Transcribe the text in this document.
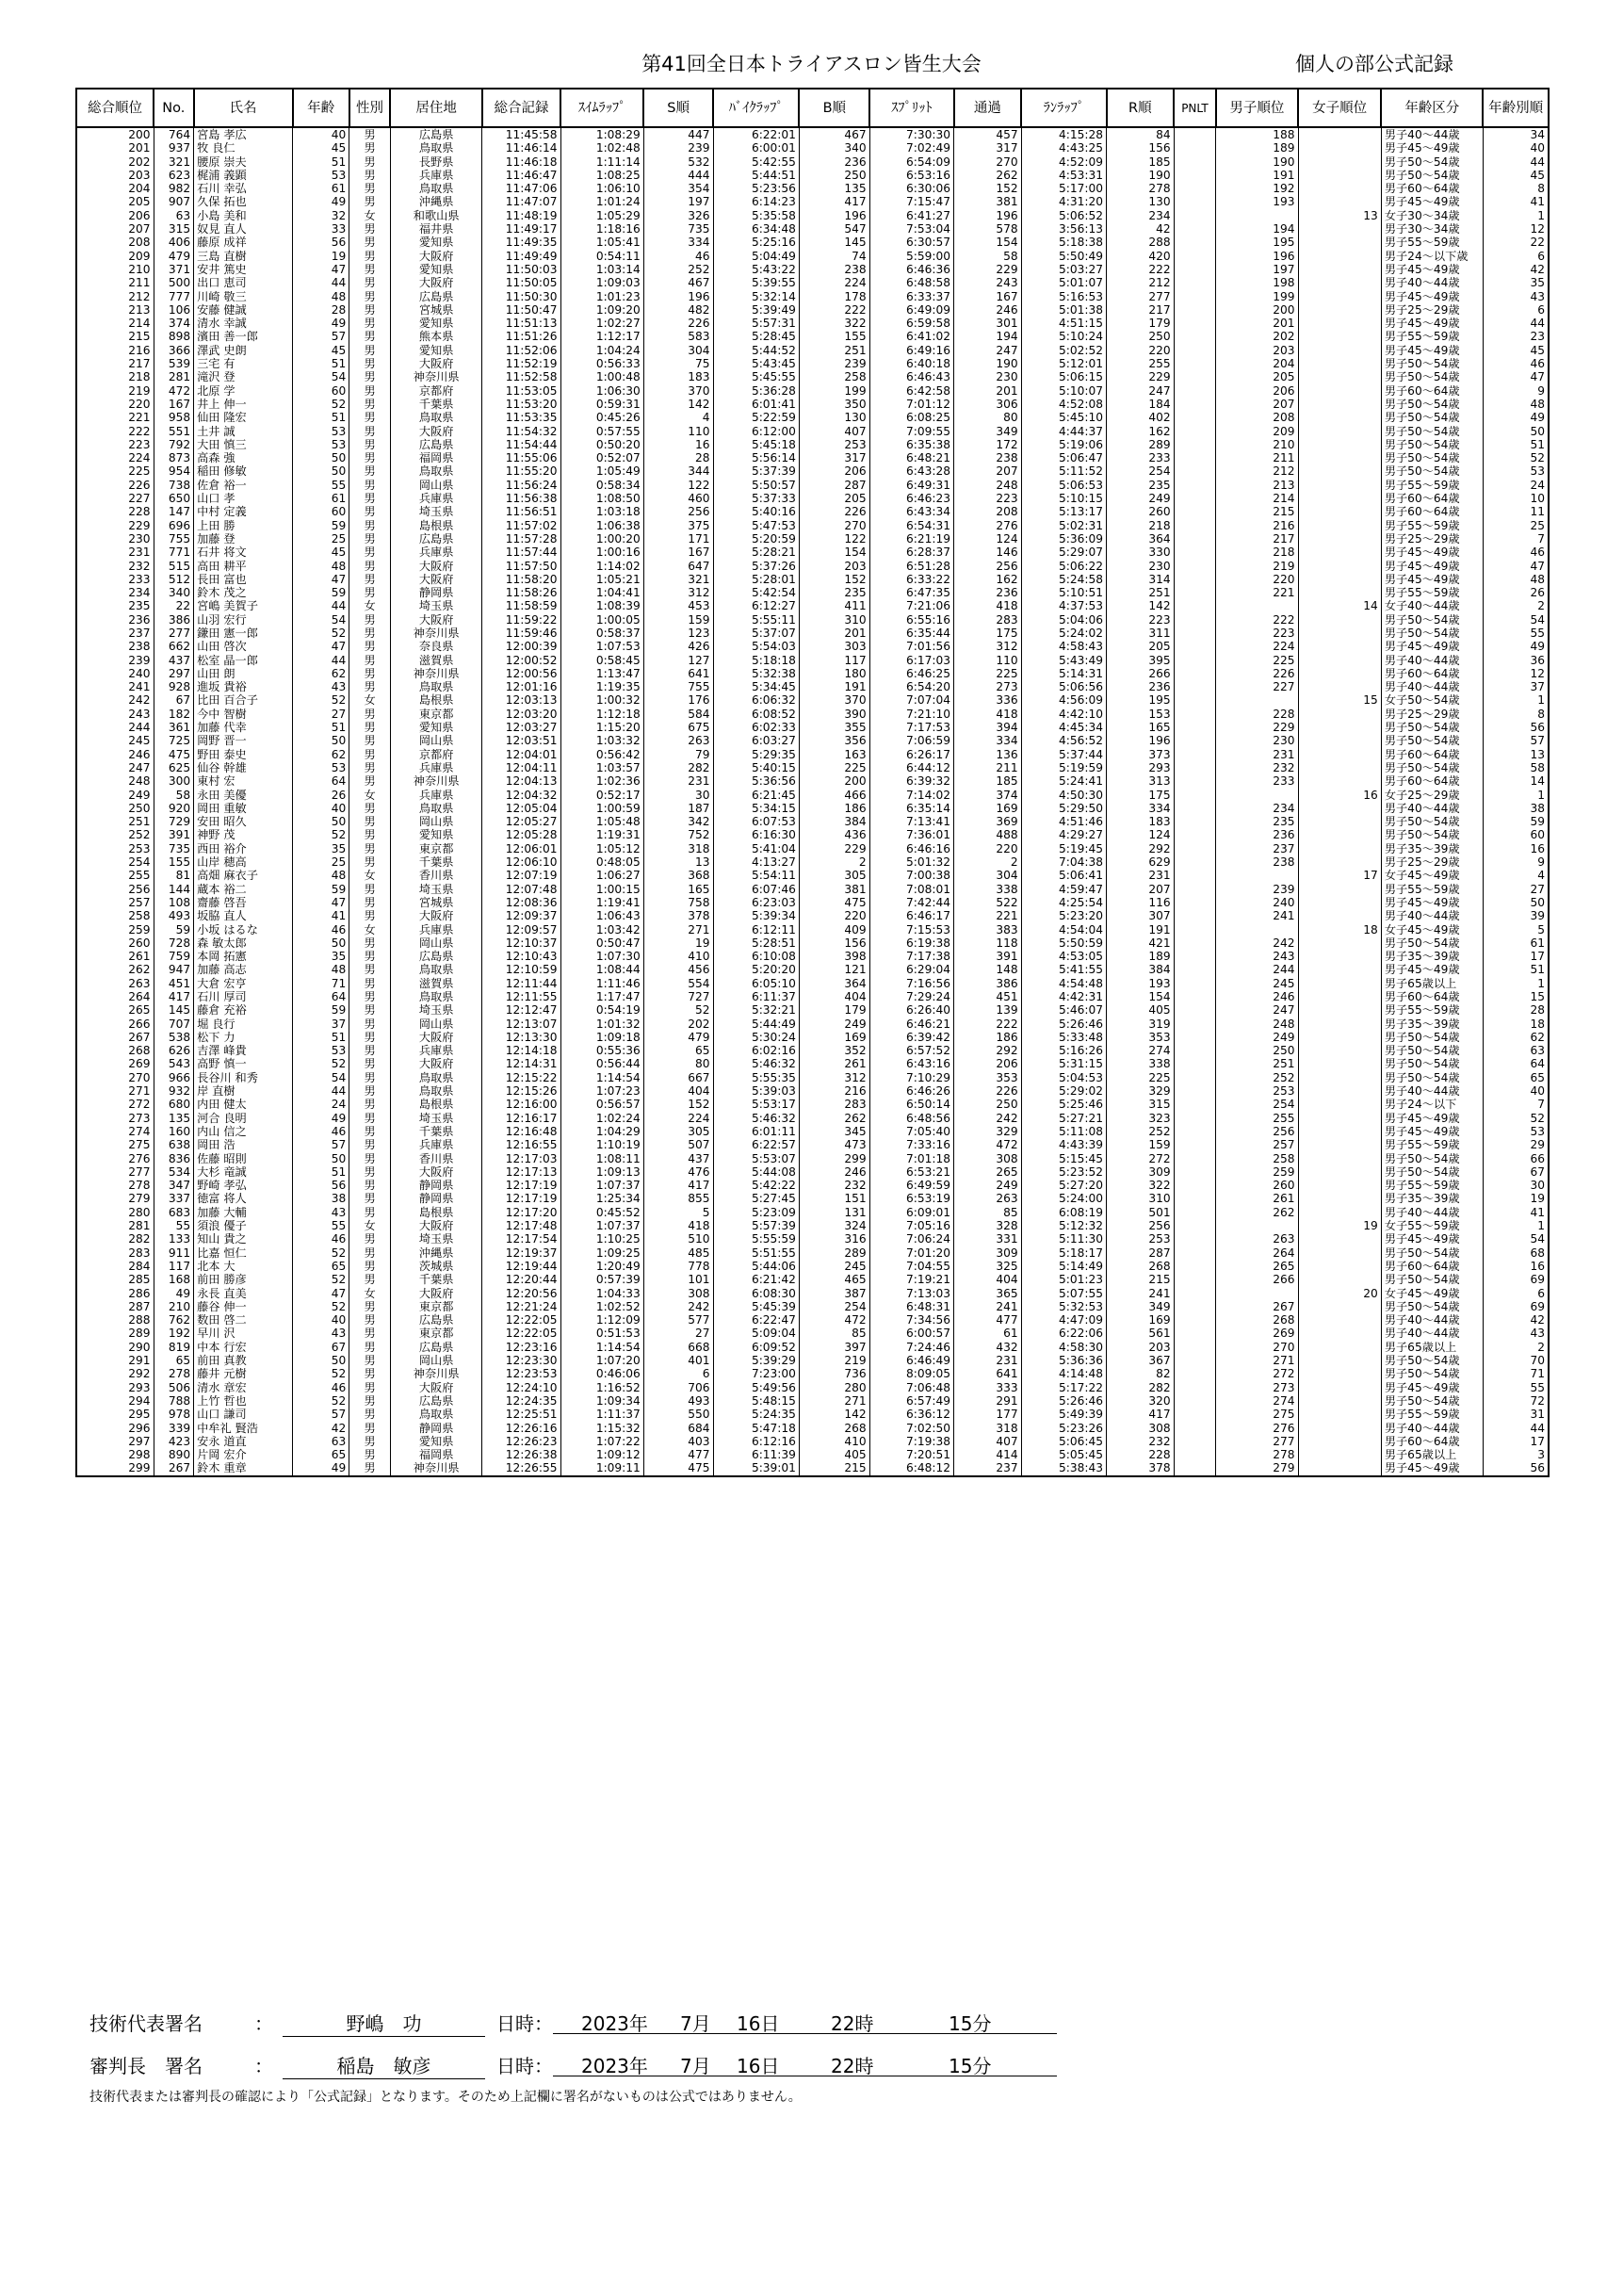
第41回全日本トライアスロン皆生大会	個人の部公式記録
総合順位	No.	氏名	年齢	性別	居住地	総合記録	ｽｲﾑﾗｯﾌﾟ	S順	ﾊﾞｲｸﾗｯﾌﾟ	B順	ｽﾌﾟﾘｯﾄ	通過	ﾗﾝﾗｯﾌﾟ	R順	PNLT	男子順位	女子順位	年齢区分	年齢別順
200	764	宮島 孝広	40	男	広島県	11:45:58	1:08:29	447	6:22:01	467	7:30:30	457	4:15:28	84		188		男子40～44歳	34
201	937	牧 良仁	45	男	鳥取県	11:46:14	1:02:48	239	6:00:01	340	7:02:49	317	4:43:25	156		189		男子45～49歳	40
202	321	腰原 崇夫	51	男	長野県	11:46:18	1:11:14	532	5:42:55	236	6:54:09	270	4:52:09	185		190		男子50～54歳	44
203	623	梶浦 義顕	53	男	兵庫県	11:46:47	1:08:25	444	5:44:51	250	6:53:16	262	4:53:31	190		191		男子50～54歳	45
204	982	石川 幸弘	61	男	鳥取県	11:47:06	1:06:10	354	5:23:56	135	6:30:06	152	5:17:00	278		192		男子60～64歳	8
205	907	久保 拓也	49	男	沖縄県	11:47:07	1:01:24	197	6:14:23	417	7:15:47	381	4:31:20	130		193		男子45～49歳	41
206	63	小島 美和	32	女	和歌山県	11:48:19	1:05:29	326	5:35:58	196	6:41:27	196	5:06:52	234			13	女子30～34歳	1
207	315	奴見 直人	33	男	福井県	11:49:17	1:18:16	735	6:34:48	547	7:53:04	578	3:56:13	42		194		男子30～34歳	12
208	406	藤原 成祥	56	男	愛知県	11:49:35	1:05:41	334	5:25:16	145	6:30:57	154	5:18:38	288		195		男子55～59歳	22
209	479	三島 直樹	19	男	大阪府	11:49:49	0:54:11	46	5:04:49	74	5:59:00	58	5:50:49	420		196		男子24～以下歳	6
210	371	安井 篤史	47	男	愛知県	11:50:03	1:03:14	252	5:43:22	238	6:46:36	229	5:03:27	222		197		男子45～49歳	42
211	500	出口 恵司	44	男	大阪府	11:50:05	1:09:03	467	5:39:55	224	6:48:58	243	5:01:07	212		198		男子40～44歳	35
212	777	川崎 敬三	48	男	広島県	11:50:30	1:01:23	196	5:32:14	178	6:33:37	167	5:16:53	277		199		男子45～49歳	43
213	106	安藤 健誠	28	男	宮城県	11:50:47	1:09:20	482	5:39:49	222	6:49:09	246	5:01:38	217		200		男子25～29歳	6
214	374	清水 幸誠	49	男	愛知県	11:51:13	1:02:27	226	5:57:31	322	6:59:58	301	4:51:15	179		201		男子45～49歳	44
215	898	濱田 善一郎	57	男	熊本県	11:51:26	1:12:17	583	5:28:45	155	6:41:02	194	5:10:24	250		202		男子55～59歳	23
216	366	澤武 史朗	45	男	愛知県	11:52:06	1:04:24	304	5:44:52	251	6:49:16	247	5:02:52	220		203		男子45～49歳	45
217	539	三宅 有	51	男	大阪府	11:52:19	0:56:33	75	5:43:45	239	6:40:18	190	5:12:01	255		204		男子50～54歳	46
218	281	滝沢 登	54	男	神奈川県	11:52:58	1:00:48	183	5:45:55	258	6:46:43	230	5:06:15	229		205		男子50～54歳	47
219	472	北原 学	60	男	京都府	11:53:05	1:06:30	370	5:36:28	199	6:42:58	201	5:10:07	247		206		男子60～64歳	9
220	167	井上 伸一	52	男	千葉県	11:53:20	0:59:31	142	6:01:41	350	7:01:12	306	4:52:08	184		207		男子50～54歳	48
221	958	仙田 隆宏	51	男	鳥取県	11:53:35	0:45:26	4	5:22:59	130	6:08:25	80	5:45:10	402		208		男子50～54歳	49
222	551	土井 誠	53	男	大阪府	11:54:32	0:57:55	110	6:12:00	407	7:09:55	349	4:44:37	162		209		男子50～54歳	50
223	792	大田 慎三	53	男	広島県	11:54:44	0:50:20	16	5:45:18	253	6:35:38	172	5:19:06	289		210		男子50～54歳	51
224	873	高森 強	50	男	福岡県	11:55:06	0:52:07	28	5:56:14	317	6:48:21	238	5:06:47	233		211		男子50～54歳	52
225	954	稲田 修敏	50	男	鳥取県	11:55:20	1:05:49	344	5:37:39	206	6:43:28	207	5:11:52	254		212		男子50～54歳	53
226	738	佐倉 裕一	55	男	岡山県	11:56:24	0:58:34	122	5:50:57	287	6:49:31	248	5:06:53	235		213		男子55～59歳	24
227	650	山口 孝	61	男	兵庫県	11:56:38	1:08:50	460	5:37:33	205	6:46:23	223	5:10:15	249		214		男子60～64歳	10
228	147	中村 定義	60	男	埼玉県	11:56:51	1:03:18	256	5:40:16	226	6:43:34	208	5:13:17	260		215		男子60～64歳	11
229	696	上田 勝	59	男	島根県	11:57:02	1:06:38	375	5:47:53	270	6:54:31	276	5:02:31	218		216		男子55～59歳	25
230	755	加藤 登	25	男	広島県	11:57:28	1:00:20	171	5:20:59	122	6:21:19	124	5:36:09	364		217		男子25～29歳	7
231	771	石井 将文	45	男	兵庫県	11:57:44	1:00:16	167	5:28:21	154	6:28:37	146	5:29:07	330		218		男子45～49歳	46
232	515	高田 耕平	48	男	大阪府	11:57:50	1:14:02	647	5:37:26	203	6:51:28	256	5:06:22	230		219		男子45～49歳	47
233	512	長田 富也	47	男	大阪府	11:58:20	1:05:21	321	5:28:01	152	6:33:22	162	5:24:58	314		220		男子45～49歳	48
234	340	鈴木 茂之	59	男	静岡県	11:58:26	1:04:41	312	5:42:54	235	6:47:35	236	5:10:51	251		221		男子55～59歳	26
235	22	宮嶋 美賀子	44	女	埼玉県	11:58:59	1:08:39	453	6:12:27	411	7:21:06	418	4:37:53	142			14	女子40～44歳	2
236	386	山羽 宏行	54	男	大阪府	11:59:22	1:00:05	159	5:55:11	310	6:55:16	283	5:04:06	223		222		男子50～54歳	54
237	277	鎌田 憲一郎	52	男	神奈川県	11:59:46	0:58:37	123	5:37:07	201	6:35:44	175	5:24:02	311		223		男子50～54歳	55
238	662	山田 啓次	47	男	奈良県	12:00:39	1:07:53	426	5:54:03	303	7:01:56	312	4:58:43	205		224		男子45～49歳	49
239	437	松室 晶一郎	44	男	滋賀県	12:00:52	0:58:45	127	5:18:18	117	6:17:03	110	5:43:49	395		225		男子40～44歳	36
240	297	山田 朗	62	男	神奈川県	12:00:56	1:13:47	641	5:32:38	180	6:46:25	225	5:14:31	266		226		男子60～64歳	12
241	928	進坂 貴裕	43	男	鳥取県	12:01:16	1:19:35	755	5:34:45	191	6:54:20	273	5:06:56	236		227		男子40～44歳	37
242	67	比田 百合子	52	女	島根県	12:03:13	1:00:32	176	6:06:32	370	7:07:04	336	4:56:09	195			15	女子50～54歳	1
243	182	今中 智樹	27	男	東京都	12:03:20	1:12:18	584	6:08:52	390	7:21:10	418	4:42:10	153		228		男子25～29歳	8
244	361	加藤 代幸	51	男	愛知県	12:03:27	1:15:20	675	6:02:33	355	7:17:53	394	4:45:34	165		229		男子50～54歳	56
245	725	岡野 晋一	50	男	岡山県	12:03:51	1:03:32	263	6:03:27	356	7:06:59	334	4:56:52	196		230		男子50～54歳	57
246	475	野田 泰史	62	男	京都府	12:04:01	0:56:42	79	5:29:35	163	6:26:17	136	5:37:44	373		231		男子60～64歳	13
247	625	仙谷 幹雄	53	男	兵庫県	12:04:11	1:03:57	282	5:40:15	225	6:44:12	211	5:19:59	293		232		男子50～54歳	58
248	300	東村 宏	64	男	神奈川県	12:04:13	1:02:36	231	5:36:56	200	6:39:32	185	5:24:41	313		233		男子60～64歳	14
249	58	永田 美優	26	女	兵庫県	12:04:32	0:52:17	30	6:21:45	466	7:14:02	374	4:50:30	175			16	女子25～29歳	1
250	920	岡田 重敏	40	男	鳥取県	12:05:04	1:00:59	187	5:34:15	186	6:35:14	169	5:29:50	334		234		男子40～44歳	38
251	729	安田 昭久	50	男	岡山県	12:05:27	1:05:48	342	6:07:53	384	7:13:41	369	4:51:46	183		235		男子50～54歳	59
252	391	神野 茂	52	男	愛知県	12:05:28	1:19:31	752	6:16:30	436	7:36:01	488	4:29:27	124		236		男子50～54歳	60
253	735	西田 裕介	35	男	東京都	12:06:01	1:05:12	318	5:41:04	229	6:46:16	220	5:19:45	292		237		男子35～39歳	16
254	155	山岸 穂高	25	男	千葉県	12:06:10	0:48:05	13	4:13:27	2	5:01:32	2	7:04:38	629		238		男子25～29歳	9
255	81	高畑 麻衣子	48	女	香川県	12:07:19	1:06:27	368	5:54:11	305	7:00:38	304	5:06:41	231			17	女子45～49歳	4
256	144	蔵本 裕二	59	男	埼玉県	12:07:48	1:00:15	165	6:07:46	381	7:08:01	338	4:59:47	207		239		男子55～59歳	27
257	108	齋藤 啓吾	47	男	宮城県	12:08:36	1:19:41	758	6:23:03	475	7:42:44	522	4:25:54	116		240		男子45～49歳	50
258	493	坂脇 直人	41	男	大阪府	12:09:37	1:06:43	378	5:39:34	220	6:46:17	221	5:23:20	307		241		男子40～44歳	39
259	59	小坂 はるな	46	女	兵庫県	12:09:57	1:03:42	271	6:12:11	409	7:15:53	383	4:54:04	191			18	女子45～49歳	5
260	728	森 敏太郎	50	男	岡山県	12:10:37	0:50:47	19	5:28:51	156	6:19:38	118	5:50:59	421		242		男子50～54歳	61
261	759	本岡 拓憲	35	男	広島県	12:10:43	1:07:30	410	6:10:08	398	7:17:38	391	4:53:05	189		243		男子35～39歳	17
262	947	加藤 高志	48	男	鳥取県	12:10:59	1:08:44	456	5:20:20	121	6:29:04	148	5:41:55	384		244		男子45～49歳	51
263	451	大倉 宏亨	71	男	滋賀県	12:11:44	1:11:46	554	6:05:10	364	7:16:56	386	4:54:48	193		245		男子65歳以上	1
264	417	石川 厚司	64	男	鳥取県	12:11:55	1:17:47	727	6:11:37	404	7:29:24	451	4:42:31	154		246		男子60～64歳	15
265	145	藤倉 充裕	59	男	埼玉県	12:12:47	0:54:19	52	5:32:21	179	6:26:40	139	5:46:07	405		247		男子55～59歳	28
266	707	堀 良行	37	男	岡山県	12:13:07	1:01:32	202	5:44:49	249	6:46:21	222	5:26:46	319		248		男子35～39歳	18
267	538	松下 力	51	男	大阪府	12:13:30	1:09:18	479	5:30:24	169	6:39:42	186	5:33:48	353		249		男子50～54歳	62
268	626	吉澤 峰貴	53	男	兵庫県	12:14:18	0:55:36	65	6:02:16	352	6:57:52	292	5:16:26	274		250		男子50～54歳	63
269	543	高野 慎一	52	男	大阪府	12:14:31	0:56:44	80	5:46:32	261	6:43:16	206	5:31:15	338		251		男子50～54歳	64
270	966	長谷川 和秀	54	男	鳥取県	12:15:22	1:14:54	667	5:55:35	312	7:10:29	353	5:04:53	225		252		男子50～54歳	65
271	932	岸 直樹	44	男	鳥取県	12:15:26	1:07:23	404	5:39:03	216	6:46:26	226	5:29:02	329		253		男子40～44歳	40
272	680	内田 健太	24	男	島根県	12:16:00	0:56:57	152	5:53:17	283	6:50:14	250	5:25:46	315		254		男子24～以下	7
273	135	河合 良明	49	男	埼玉県	12:16:17	1:02:24	224	5:46:32	262	6:48:56	242	5:27:21	323		255		男子45～49歳	52
274	160	内山 信之	46	男	千葉県	12:16:48	1:04:29	305	6:01:11	345	7:05:40	329	5:11:08	252		256		男子45～49歳	53
275	638	岡田 浩	57	男	兵庫県	12:16:55	1:10:19	507	6:22:57	473	7:33:16	472	4:43:39	159		257		男子55～59歳	29
276	836	佐藤 昭則	50	男	香川県	12:17:03	1:08:11	437	5:53:07	299	7:01:18	308	5:15:45	272		258		男子50～54歳	66
277	534	大杉 竜誠	51	男	大阪府	12:17:13	1:09:13	476	5:44:08	246	6:53:21	265	5:23:52	309		259		男子50～54歳	67
278	347	野崎 孝弘	56	男	静岡県	12:17:19	1:07:37	417	5:42:22	232	6:49:59	249	5:27:20	322		260		男子55～59歳	30
279	337	徳富 将人	38	男	静岡県	12:17:19	1:25:34	855	5:27:45	151	6:53:19	263	5:24:00	310		261		男子35～39歳	19
280	683	加藤 大輔	43	男	島根県	12:17:20	0:45:52	5	5:23:09	131	6:09:01	85	6:08:19	501		262		男子40～44歳	41
281	55	須浪 優子	55	女	大阪府	12:17:48	1:07:37	418	5:57:39	324	7:05:16	328	5:12:32	256			19	女子55～59歳	1
282	133	知山 貴之	46	男	埼玉県	12:17:54	1:10:25	510	5:55:59	316	7:06:24	331	5:11:30	253		263		男子45～49歳	54
283	911	比嘉 恒仁	52	男	沖縄県	12:19:37	1:09:25	485	5:51:55	289	7:01:20	309	5:18:17	287		264		男子50～54歳	68
284	117	北本 大	65	男	茨城県	12:19:44	1:20:49	778	5:44:06	245	7:04:55	325	5:14:49	268		265		男子60～64歳	16
285	168	前田 勝彦	52	男	千葉県	12:20:44	0:57:39	101	6:21:42	465	7:19:21	404	5:01:23	215		266		男子50～54歳	69
286	49	永長 直美	47	女	大阪府	12:20:56	1:04:33	308	6:08:30	387	7:13:03	365	5:07:55	241			20	女子45～49歳	6
287	210	藤谷 伸一	52	男	東京都	12:21:24	1:02:52	242	5:45:39	254	6:48:31	241	5:32:53	349		267		男子50～54歳	69
288	762	数田 啓二	40	男	広島県	12:22:05	1:12:09	577	6:22:47	472	7:34:56	477	4:47:09	169		268		男子40～44歳	42
289	192	早川 沢	43	男	東京都	12:22:05	0:51:53	27	5:09:04	85	6:00:57	61	6:22:06	561		269		男子40～44歳	43
290	819	中本 行宏	67	男	広島県	12:23:16	1:14:54	668	6:09:52	397	7:24:46	432	4:58:30	203		270		男子65歳以上	2
291	65	前田 真教	50	男	岡山県	12:23:30	1:07:20	401	5:39:29	219	6:46:49	231	5:36:36	367		271		男子50～54歳	70
292	278	藤井 元樹	52	男	神奈川県	12:23:53	0:46:06	6	7:23:00	736	8:09:05	641	4:14:48	82		272		男子50～54歳	71
293	506	清水 章宏	46	男	大阪府	12:24:10	1:16:52	706	5:49:56	280	7:06:48	333	5:17:22	282		273		男子45～49歳	55
294	788	上竹 哲也	52	男	広島県	12:24:35	1:09:34	493	5:48:15	271	6:57:49	291	5:26:46	320		274		男子50～54歳	72
295	978	山口 謙司	57	男	鳥取県	12:25:51	1:11:37	550	5:24:35	142	6:36:12	177	5:49:39	417		275		男子55～59歳	31
296	339	中牟礼 賢浩	42	男	静岡県	12:26:16	1:15:32	684	5:47:18	268	7:02:50	318	5:23:26	308		276		男子40～44歳	44
297	423	安永 道直	63	男	愛知県	12:26:23	1:07:22	403	6:12:16	410	7:19:38	407	5:06:45	232		277		男子60～64歳	17
298	890	片岡 宏介	65	男	福岡県	12:26:38	1:09:12	477	6:11:39	405	7:20:51	414	5:05:45	228		278		男子65歳以上	3
299	267	鈴木 重章	49	男	神奈川県	12:26:55	1:09:11	475	5:39:01	215	6:48:12	237	5:38:43	378		279		男子45～49歳	56
技術代表署名	：	野嶋　功	日時： 2023年 7月 16日	22時	15分
審判長　署名	：	稲島　敏彦	日時： 2023年 7月 16日	22時	15分
技術代表または審判長の確認により「公式記録」となります。そのため上記欄に署名がないものは公式ではありません。
